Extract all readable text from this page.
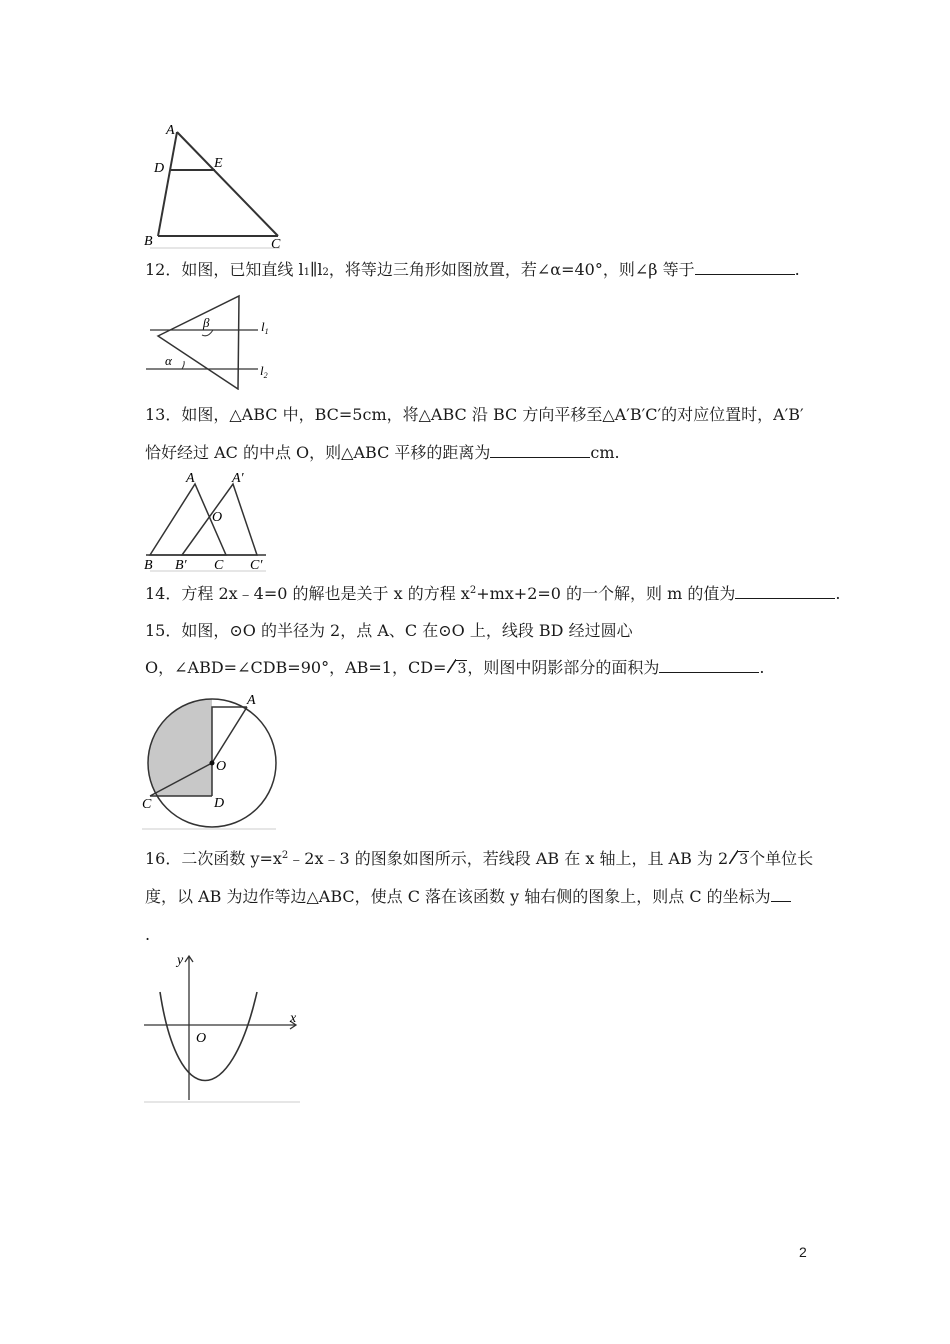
A
D	E
B	C
12．如图，已知直线 l1∥l2，将等边三角形如图放置，若∠α=40°，则∠β 等于	.
β
α
$l_1$
$l_2$
13．如图，△ABC 中，BC=5cm，将△ABC 沿 BC 方向平移至△A′B′C′的对应位置时，A′B′
恰好经过 AC 的中点 O，则△ABC 平移的距离为	cm.
A	A′
O
B B′ C C′
14．方程 2x﹣4=0 的解也是关于 x 的方程 $x^2+mx+2=0$ 的一个解，则 m 的值为	.
15．如图，⊙O 的半径为 2，点 A、C 在⊙O 上，线段 BD 经过圆心
O，∠ABD=∠CDB=90°，AB=1，CD= 3，则图中阴影部分的面积为	.
A
O
C	D
16．二次函数 $y=x^2﹣2x﹣3$ 的图象如图所示，若线段 AB 在 x 轴上，且 AB 为 2 3个单位长
度，以 AB 为边作等边△ABC，使点 C 落在该函数 y 轴右侧的图象上，则点 C 的坐标为
.
y
x
O
2
